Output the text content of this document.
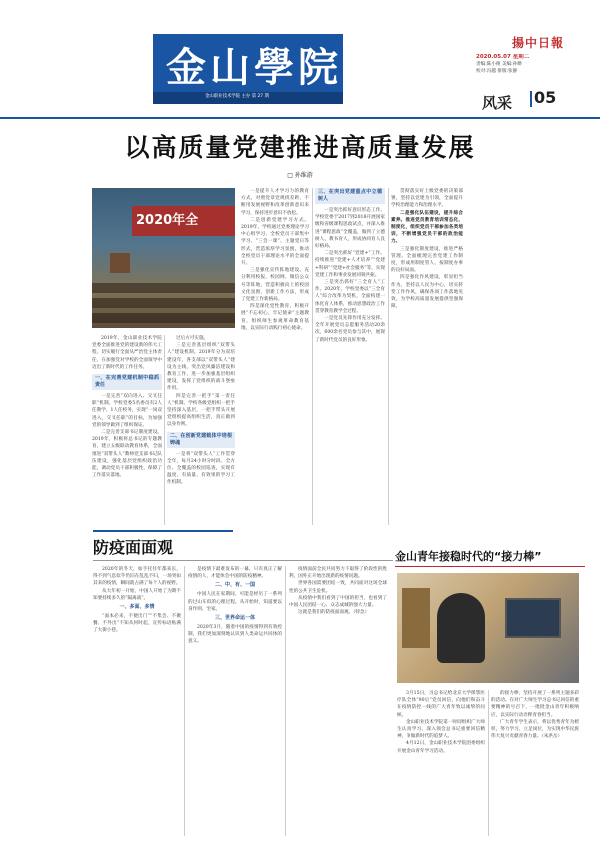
金山學院
金山职业技术学院 主办 第 27 期
揚中日報
2020.05.07 星期二
责编:陈小俊 美编:孙缈
校对:冯越 排版:张静
风采	05
以高质量党建推进高质量发展
□ 孙维游
2020年全

2019年，金山职业技术学院党委全面推进党的建设新的伟大工程，切实履行全面从严治党主体责任，在加强党对学校的全面领导中迈出了新时代的工作任务。

一、在完善党建机制中稳抓责任

一是完善“双向进入、交叉任职”机制。学校党委5名委员有2人任教学，1人任校务，实现“一岗双进入，交叉任职”的目标，为加强党的领导做到了组织保证。

二是完善支部书记制度建设。2019年，积极将总书记的专题教育，建立五级联动教育体系，全面推进“双带头人”教师党支部书记队伍建设，强化基层党组织政治功能，调动党员干部积极性，保障了工作落实落地。

过后方可实施。

三是完善基层组织“双带头人”建设机制。2019年分为双培建设年，各支部以“双带头人”建设为主线，突出党风廉洁建设和教育工作，进一步加强基层组织建设，发挥了党组织的战斗堡垒作用。

四是完善一把手“第一责任人”机制。学校各级党组织一把手坚持深入基层，一把手带头开展党组织提高组织生活，真正做到以身作则。

二、在创新党建载体中培根铸魂

一是将“双带头人”工作贯穿全年，每月24小时分时段、全方位、全覆盖的校园巡查，实现有温度、有质量、有效果的学习工作机制。

一是提升人才学习力的教育方式，对照党章党规找差距，不断用发展视野和改革创新意识来学习，保持进步意识不放松。

二是创新党建学习方式。2019年，学校通过党委理论学习中心组学习、全校党员干部集中学习、“三会一课”、主题党日等形式，营造浓厚学习氛围，推动全校党员干部理论水平的全面提升。

三是强化宣传阵地建设。充分利用校报、校园网、微信公众号等阵地，营造积极向上的校园文化氛围，创新工作方法，形成了党建工作新格局。

四是深化党性教育，积极开展“不忘初心、牢记使命”主题教育，组织师生参观革命教育基地，以实际行动践行初心使命。

三、在突出党建重点中立德树人

一是突出抓好意识形态工作。学校党委于2017到2018开展国家级和省级课程思政试点，并深入推进“课程思政”全覆盖，做到了立德树人、教书育人，形成协同育人良好格局。

二是突出抓好“党建+”工作。持续推进“党建+人才培养”“党建+科研”“党建+社会服务”等，实现党建工作和事业发展同频共振。

三是突出抓好“三全育人”工作。2020年，学校党委以“三全育人”综合改革为契机，全面构建一体化育人体系，推动思想政治工作贯穿教育教学全过程。

一是党员先锋作用充分发挥。全年开展党员志愿服务活动20余次，600余名党员参与其中，展现了新时代党员的良好形象。

贯彻落实好上级党委的决策部署，坚持以党建为引领，全面提升学校治理能力和治理水平。

二是强化队伍建设，提升综合素养。推进党员教育培训常态化、制度化，组织党员干部参加各类培训，不断增强党员干部的政治能力。

三是强化制度建设，推进严格管理。全面梳理完善党建工作制度，形成用制度管人、按制度办事的良好局面。

四是强化作风建设，彰显担当作为。坚持以人民为中心，切实转变工作作风，确保各项工作落地见效，为学校高质量发展提供坚强保障。

防疫面面观

2020年的冬天，如手托住年都来长，得不到气息似乎仍旧在乱乱不归，一场突如其来的疫情，瞬间就占满了每个人的视野。

从大年初一开始，中国人开始了为期不知要持续多久的“隔离战”。

一、多面、多情

“面本必来，不便出门”“不集会、不聚餐、不外出”不知从何时起，宣传标语贴满了大街小巷。

是疫情下最难发布的一幕，只有真正了解疫情的人，才能体会中国的防疫精神。

二、中、有、一国

中国人民在家期间，可能是经历了一系列的过山车似的心理过程。从开始时，知道要以身作则、宅家。

三、世界命运一体

2020年3月，随着中国的疫情得到有效控制，我们更加深刻地认识到人类命运共同体的意义。

疫情面前全民共同努力下取得了阶段性的胜利，国外正开始出现新的疫情问题。

世界各国需要团结一致，共同面对这场全球性的公共卫生危机。

从疫情中我们看到了中国的担当，也看到了中国人民团结一心、众志成城的强大力量。

这就是我们的防疫面面观。（特急）

金山青年接稳时代的“接力棒”

3月15日，习总书记给北京大学援鄂医疗队全体“90后”党员回信，向他们和奋斗在疫情防控一线的广大青年致以诚挚的问候。

金山职业技术学院第一时间组织广大师生认真学习、深入领会总书记重要回信精神，争做新时代的追梦人。

4月12日，金山职业技术学院团委组织开展金山青年学习活动。

的接力棒，坚持开展了一系列主题多彩的活动。在对广大师生学习总书记回信的重要精神的号召下，一批批金山青年积极响应，以实际行动诠释青春担当。

广大青年学生表示，将以优秀青年为榜样，努力学习，立足岗位，为实现中华民族伟大复兴贡献青春力量。（朱洪岳）
